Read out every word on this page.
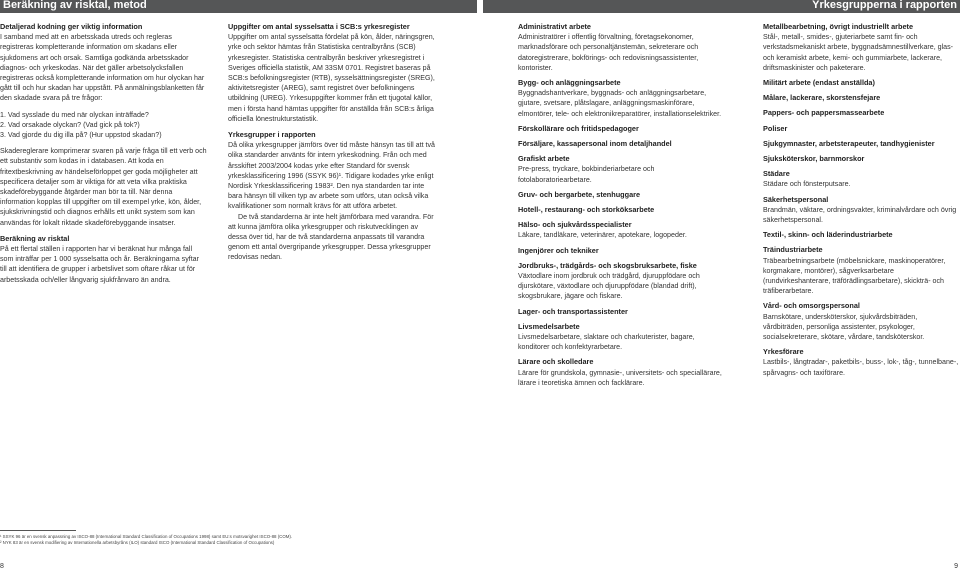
Beräkning av risktal, metod	Yrkesgrupperna i rapporten
Detaljerad kodning ger viktig information

I samband med att en arbetsskada utreds och regleras registreras kompletterande information om skadans eller sjukdomens art och orsak. Samtliga godkända arbetsskador diagnos- och yrkeskodas. När det gäller arbetsolycksfallen registreras också kompletterande information om hur olyckan har gått till och hur skadan har uppstått. På anmälningsblanketten får den skadade svara på tre frågor:

1. Vad sysslade du med när olyckan inträffade?

2. Vad orsakade olyckan? (Vad gick på tok?)

3. Vad gjorde du dig illa på? (Hur uppstod skadan?)

Skadereglerare komprimerar svaren på varje fråga till ett verb och ett substantiv som kodas in i databasen. Att koda en fritextbeskrivning av händelseförloppet ger goda möjligheter att specificera detaljer som är viktiga för att veta vilka praktiska skadeförebyggande åtgärder man bör ta till. När denna information kopplas till uppgifter om till exempel yrke, kön, ålder, sjukskrivningstid och diagnos erhålls ett unikt system som kan användas för lokalt riktade skadeförebyggande insatser.

Beräkning av risktal

På ett flertal ställen i rapporten har vi beräknat hur många fall som inträffar per 1 000 sysselsatta och år. Beräkningarna syftar till att identifiera de grupper i arbetslivet som oftare råkar ut för arbetsskada och/eller långvarig sjukfrånvaro än andra.

Uppgifter om antal sysselsatta i SCB:s yrkesregister

Uppgifter om antal sysselsatta fördelat på kön, ålder, näringsgren, yrke och sektor hämtas från Statistiska centralbyråns (SCB) yrkesregister. Statistiska centralbyrån beskriver yrkesregistret i Sveriges officiella statistik, AM 33SM 0701. Registret baseras på SCB:s befolkningsregister (RTB), sysselsättningsregister (SREG), aktivitetsregister (AREG), samt registret över befolkningens utbildning (UREG). Yrkesuppgifter kommer från ett tjugotal källor, men i första hand hämtas uppgifter för anställda från SCB:s årliga officiella lönestrukturstatistik.

Yrkesgrupper i rapporten

Då olika yrkesgrupper jämförs över tid måste hänsyn tas till att två olika standarder använts för intern yrkeskodning. Från och med årsskiftet 2003/2004 kodas yrke efter Standard för svensk yrkesklassificering 1996 (SSYK 96)¹. Tidigare kodades yrke enligt Nordisk Yrkesklassificering 1983². Den nya standarden tar inte bara hänsyn till vilken typ av arbete som utförs, utan också vilka kvalifikationer som normalt krävs för att utföra arbetet.

De två standarderna är inte helt jämförbara med varandra. För att kunna jämföra olika yrkesgrupper och riskutvecklingen av dessa över tid, har de två standarderna anpassats till varandra genom ett antal övergripande yrkesgrupper. Dessa yrkesgrupper redovisas nedan.

Administrativt arbete

Administratörer i offentlig förvaltning, företagsekonomer, marknadsförare och personaltjänstemän, sekreterare och datoregistrerare, bokförings- och redovisningsassistenter, kontorister.

Bygg- och anläggningsarbete

Byggnadshantverkare, byggnads- och anläggningsarbetare, gjutare, svetsare, plåtslagare, anläggningsmaskinförare, elmontörer, tele- och elektronikreparatörer, installationselektriker.

Förskollärare och fritidspedagoger
Försäljare, kassapersonal inom detaljhandel
Grafiskt arbete

Pre-press, tryckare, bokbinderiarbetare och fotolaboratoriearbetare.

Gruv- och bergarbete, stenhuggare
Hotell-, restaurang- och storköksarbete
Hälso- och sjukvårdsspecialister

Läkare, tandläkare, veterinärer, apotekare, logopeder.

Ingenjörer och tekniker
Jordbruks-, trädgårds- och skogsbruksarbete, fiske

Växtodlare inom jordbruk och trädgård, djuruppfödare och djurskötare, växtodlare och djuruppfödare (blandad drift), skogsbrukare, jägare och fiskare.

Lager- och transportassistenter
Livsmedelsarbete

Livsmedelsarbetare, slaktare och charkuterister, bagare, konditorer och konfektyrarbetare.

Lärare och skolledare

Lärare för grundskola, gymnasie-, universitets- och speciallärare, lärare i teoretiska ämnen och facklärare.

Metallbearbetning, övrigt industriellt arbete

Stål-, metall-, smides-, gjuteriarbete samt fin- och verkstadsmekaniskt arbete, byggnadsämnestillverkare, glas- och keramiskt arbete, kemi- och gummiarbete, lackerare, driftsmaskinister och paketerare.

Militärt arbete (endast anställda)
Målare, lackerare, skorstensfejare
Pappers- och pappersmassearbete
Poliser
Sjukgymnaster, arbetsterapeuter, tandhygienister
Sjuksköterskor, barnmorskor
Städare

Städare och fönsterputsare.

Säkerhetspersonal

Brandmän, väktare, ordningsvakter, kriminalvårdare och övrig säkerhetspersonal.

Textil-, skinn- och läderindustriarbete
Träindustriarbete

Träbearbetningsarbete (möbelsnickare, maskinoperatörer, korgmakare, montörer), sågverksarbetare (rundvirkeshanterare, träförädlingsarbetare), skickträ- och träfiberarbetare.

Vård- och omsorgspersonal

Barnskötare, undersköterskor, sjukvårdsbiträden, vårdbiträden, personliga assistenter, psykologer, socialsekreterare, skötare, vårdare, tandsköterskor.

Yrkesförare

Lastbils-, långtradar-, paketbils-, buss-, lok-, tåg-, tunnelbane-, spårvagns- och taxiförare.

¹ SSYK 96 är en svensk anpassning av ISCO-88 (International Standard Classification of Occupations 1998) samt EU:s motsvarighet ISCO-88 (COM).

² NYK 83 är en svensk modifiering av Internationella arbetsbyråns (ILO) standard ISCO (International Standard Classification of Occupations)

8	9
